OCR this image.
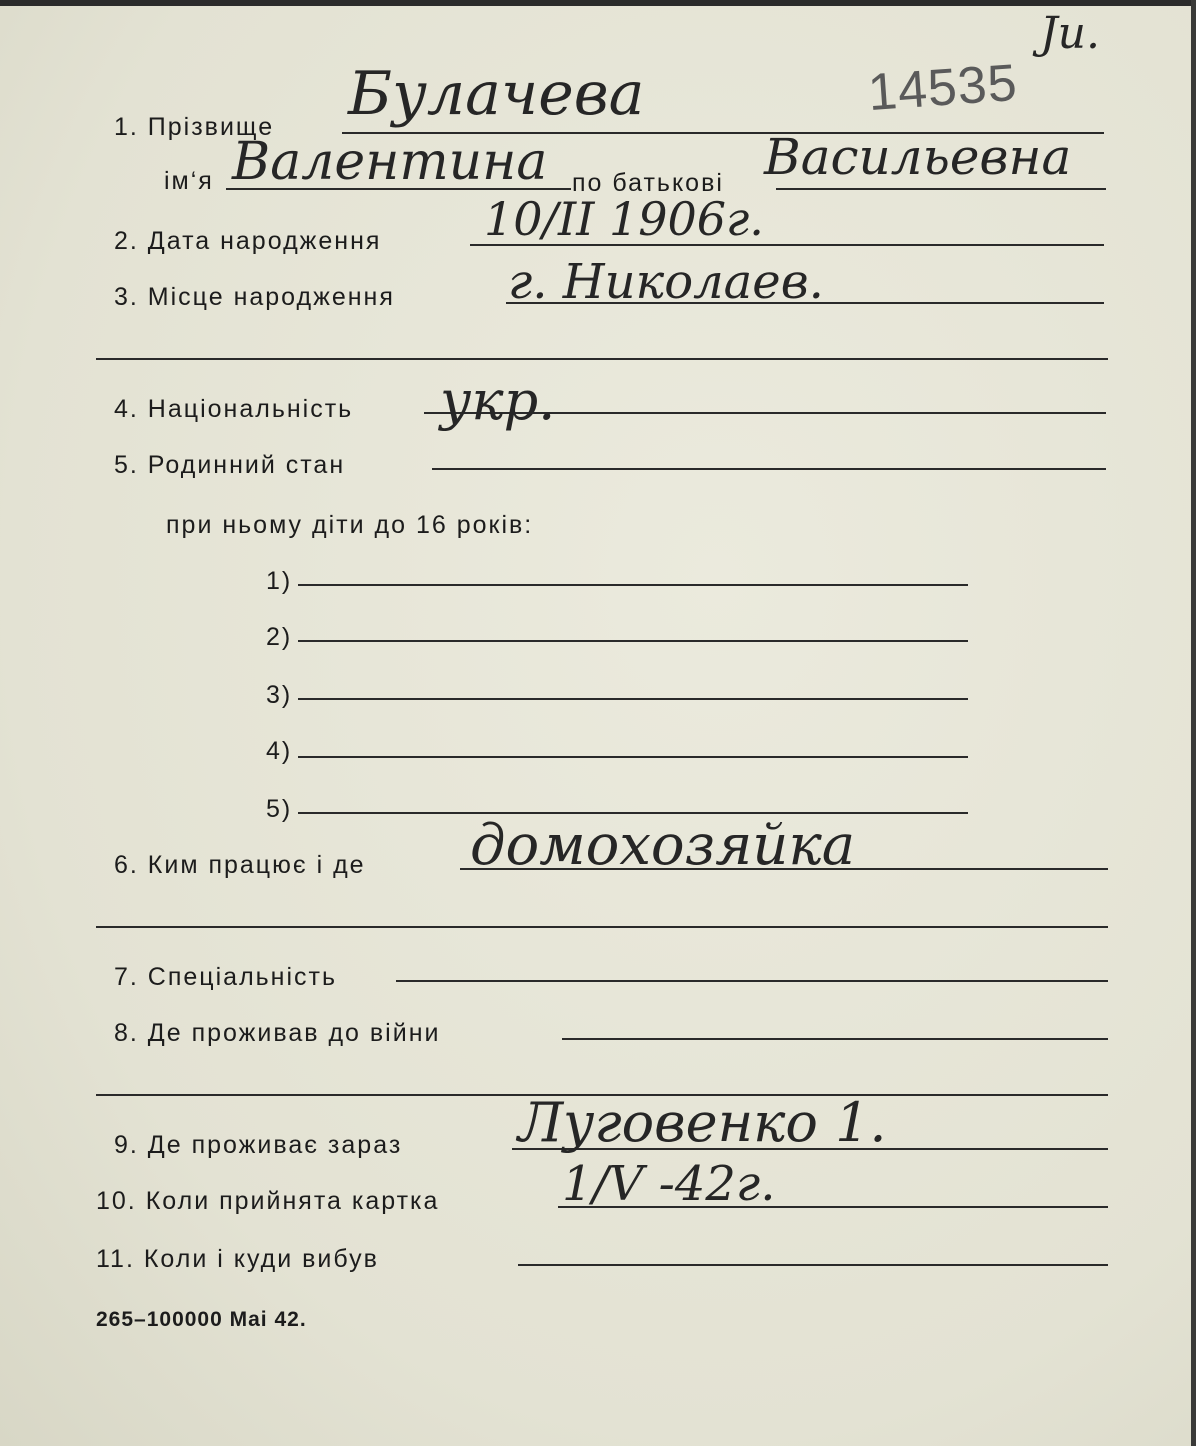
14535
Ju.
1. Прізвище Булачева
ім‘я Валентина по батькові Васильевна
2. Дата народження 10/II 1906г.
3. Місце народження г. Николаев.
4. Національність укр.
5. Родинний стан
при ньому діти до 16 років:
1)
2)
3)
4)
5)
6. Ким працює і де домохозяйка
7. Спеціальність
8. Де проживав до війни
9. Де проживає зараз Луговенко 1.
10. Коли прийнята картка	1/V -42г.
11. Коли і куди вибув
265–100000 Mai 42.
